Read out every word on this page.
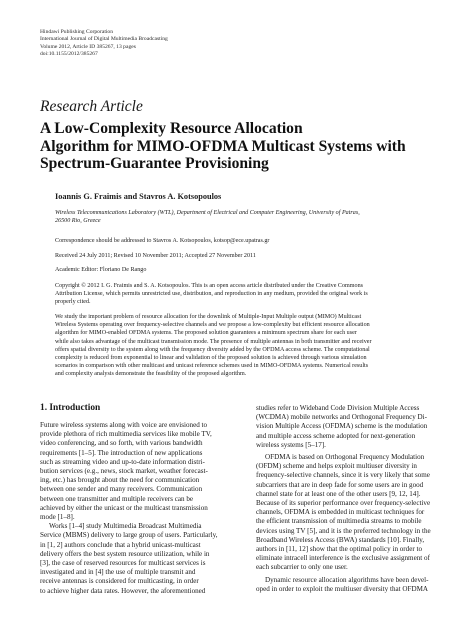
Hindawi Publishing Corporation
International Journal of Digital Multimedia Broadcasting
Volume 2012, Article ID 385267, 13 pages
doi:10.1155/2012/385267
Research Article
A Low-Complexity Resource Allocation
Algorithm for MIMO-OFDMA Multicast Systems with
Spectrum-Guarantee Provisioning
Ioannis G. Fraimis and Stavros A. Kotsopoulos
Wireless Telecommunications Laboratory (WTL), Department of Electrical and Computer Engineering, University of Patras,
26500 Rio, Greece
Correspondence should be addressed to Stavros A. Kotsopoulos, kotsop@ece.upatras.gr
Received 24 July 2011; Revised 10 November 2011; Accepted 27 November 2011
Academic Editor: Floriano De Rango
Copyright © 2012 I. G. Fraimis and S. A. Kotsopoulos. This is an open access article distributed under the Creative Commons
Attribution License, which permits unrestricted use, distribution, and reproduction in any medium, provided the original work is
properly cited.
We study the important problem of resource allocation for the downlink of Multiple-Input Multiple output (MIMO) Multicast
Wireless Systems operating over frequency-selective channels and we propose a low-complexity but efficient resource allocation
algorithm for MIMO-enabled OFDMA systems. The proposed solution guarantees a minimum spectrum share for each user
while also takes advantage of the multicast transmission mode. The presence of multiple antennas in both transmitter and receiver
offers spatial diversity to the system along with the frequency diversity added by the OFDMA access scheme. The computational
complexity is reduced from exponential to linear and validation of the proposed solution is achieved through various simulation
scenarios in comparison with other multicast and unicast reference schemes used in MIMO-OFDMA systems. Numerical results
and complexity analysis demonstrate the feasibility of the proposed algorithm.
1. Introduction
Future wireless systems along with voice are envisioned to
provide plethora of rich multimedia services like mobile TV,
video conferencing, and so forth, with various bandwidth
requirements [1–5]. The introduction of new applications
such as streaming video and up-to-date information distri-
bution services (e.g., news, stock market, weather forecast-
ing, etc.) has brought about the need for communication
between one sender and many receivers. Communication
between one transmitter and multiple receivers can be
achieved by either the unicast or the multicast transmission
mode [1–8].
Works [1–4] study Multimedia Broadcast Multimedia
Service (MBMS) delivery to large group of users. Particularly,
in [1, 2] authors conclude that a hybrid unicast-multicast
delivery offers the best system resource utilization, while in
[3], the case of reserved resources for multicast services is
investigated and in [4] the use of multiple transmit and
receive antennas is considered for multicasting, in order
to achieve higher data rates. However, the aforementioned
studies refer to Wideband Code Division Multiple Access
(WCDMA) mobile networks and Orthogonal Frequency Di-
vision Multiple Access (OFDMA) scheme is the modulation
and multiple access scheme adopted for next-generation
wireless systems [5–17].
OFDMA is based on Orthogonal Frequency Modulation
(OFDM) scheme and helps exploit multiuser diversity in
frequency-selective channels, since it is very likely that some
subcarriers that are in deep fade for some users are in good
channel state for at least one of the other users [9, 12, 14].
Because of its superior performance over frequency-selective
channels, OFDMA is embedded in multicast techniques for
the efficient transmission of multimedia streams to mobile
devices using TV [5], and it is the preferred technology in the
Broadband Wireless Access (BWA) standards [10]. Finally,
authors in [11, 12] show that the optimal policy in order to
eliminate intracell interference is the exclusive assignment of
each subcarrier to only one user.
Dynamic resource allocation algorithms have been devel-
oped in order to exploit the multiuser diversity that OFDMA
